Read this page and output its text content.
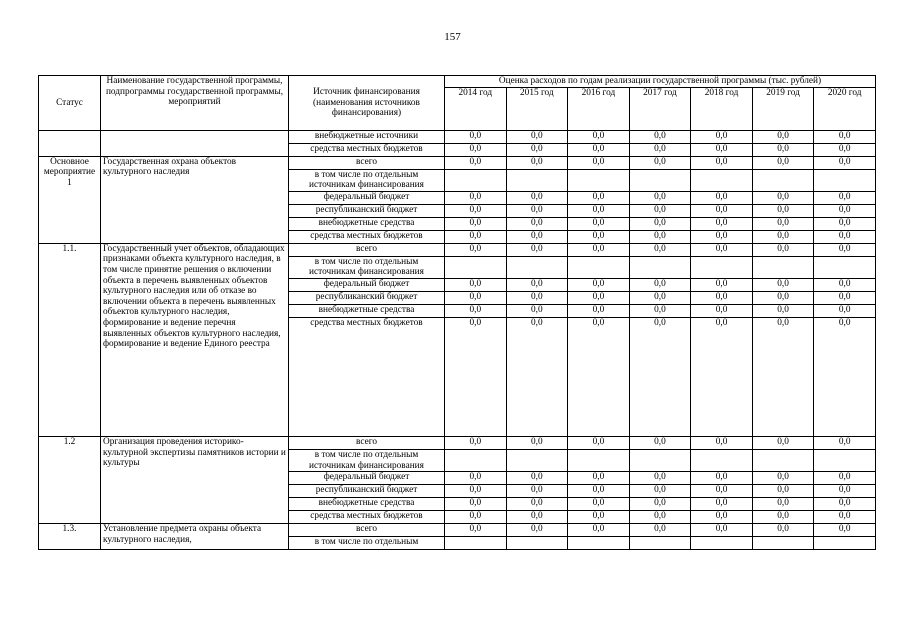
157
Статус	Наименование государственной программы, подпрограммы государственной программы, мероприятий	Источник финансирования (наименования источников финансирования)	Оценка расходов по годам реализации государственной программы (тыс. рублей)						
			2014 год	2015 год	2016 год	2017 год	2018 год	2019 год	2020 год
		внебюджетные источники	0,0	0,0	0,0	0,0	0,0	0,0	0,0
		средства местных бюджетов	0,0	0,0	0,0	0,0	0,0	0,0	0,0
Основное мероприятие 1	Государственная охрана объектов культурного наследия	всего	0,0	0,0	0,0	0,0	0,0	0,0	0,0
		в том числе по отдельным источникам финансирования							
		федеральный бюджет	0,0	0,0	0,0	0,0	0,0	0,0	0,0
		республиканский бюджет	0,0	0,0	0,0	0,0	0,0	0,0	0,0
		внебюджетные средства	0,0	0,0	0,0	0,0	0,0	0,0	0,0
		средства местных бюджетов	0,0	0,0	0,0	0,0	0,0	0,0	0,0
1.1.	Государственный учет объектов, обладающих признаками объекта культурного наследия, в том числе принятие решения о включении объекта в перечень выявленных объектов культурного наследия или об отказе во включении объекта в перечень выявленных объектов культурного наследия, формирование и ведение перечня выявленных объектов культурного наследия, формирование и ведение Единого реестра	всего	0,0	0,0	0,0	0,0	0,0	0,0	0,0
		в том числе по отдельным источникам финансирования							
		федеральный бюджет	0,0	0,0	0,0	0,0	0,0	0,0	0,0
		республиканский бюджет	0,0	0,0	0,0	0,0	0,0	0,0	0,0
		внебюджетные средства	0,0	0,0	0,0	0,0	0,0	0,0	0,0
		средства местных бюджетов	0,0	0,0	0,0	0,0	0,0	0,0	0,0
1.2	Организация проведения историко-культурной экспертизы памятников истории и культуры	всего	0,0	0,0	0,0	0,0	0,0	0,0	0,0
		в том числе по отдельным источникам финансирования							
		федеральный бюджет	0,0	0,0	0,0	0,0	0,0	0,0	0,0
		республиканский бюджет	0,0	0,0	0,0	0,0	0,0	0,0	0,0
		внебюджетные средства	0,0	0,0	0,0	0,0	0,0	0,0	0,0
		средства местных бюджетов	0,0	0,0	0,0	0,0	0,0	0,0	0,0
1.3.	Установление предмета охраны объекта культурного наследия,	всего	0,0	0,0	0,0	0,0	0,0	0,0	0,0
		в том числе по отдельным							
